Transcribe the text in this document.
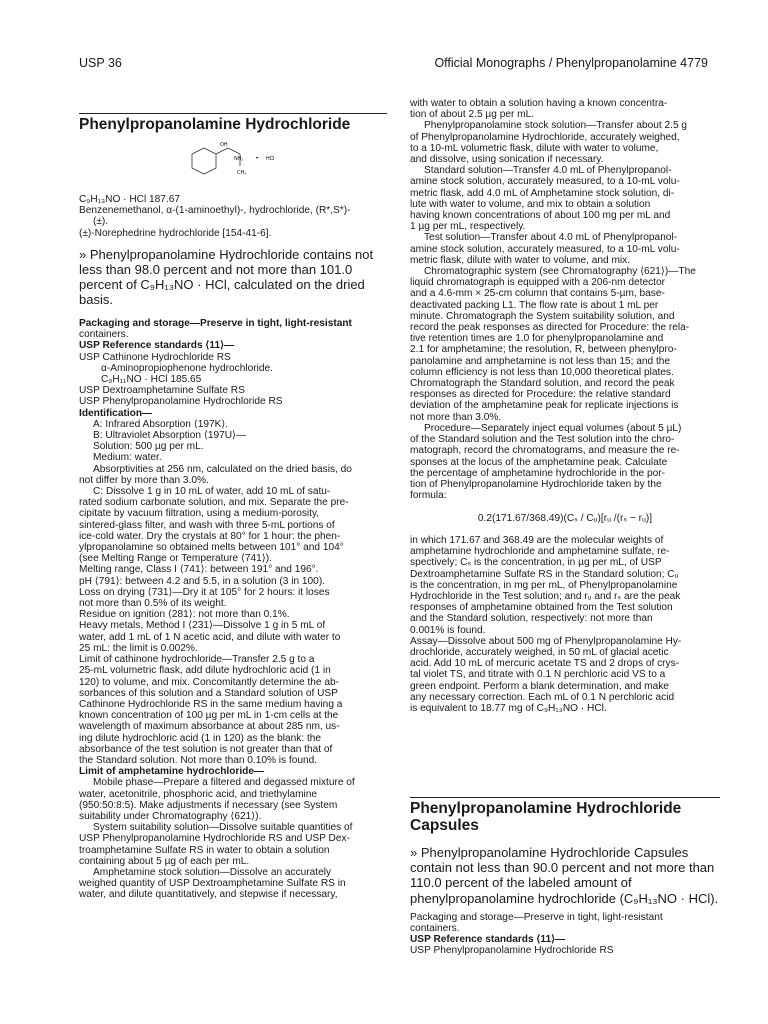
USP 36	Official Monographs / Phenylpropanolamine 4779
Phenylpropanolamine Hydrochloride
OH
NH₂ • HCl
CH₃
C₉H₁₃NO · HCl 187.67
Benzenemethanol, α-(1-aminoethyl)-, hydrochloride, (R*,S*)-
(±).
(±)-Norephedrine hydrochloride [154-41-6].
» Phenylpropanolamine Hydrochloride contains not less than 98.0 percent and not more than 101.0 percent of C₉H₁₃NO · HCl, calculated on the dried basis.
Packaging and storage—Preserve in tight, light-resistant
containers.
USP Reference standards ⟨11⟩—
USP Cathinone Hydrochloride RS
α-Aminopropiophenone hydrochloride.
C₉H₁₁NO · HCl 185.65
USP Dextroamphetamine Sulfate RS
USP Phenylpropanolamine Hydrochloride RS
Identification—
A: Infrared Absorption ⟨197K⟩.
B: Ultraviolet Absorption ⟨197U⟩—
Solution: 500 µg per mL.
Medium: water.
Absorptivities at 256 nm, calculated on the dried basis, do
not differ by more than 3.0%.
C: Dissolve 1 g in 10 mL of water, add 10 mL of satu-
rated sodium carbonate solution, and mix. Separate the pre-
cipitate by vacuum filtration, using a medium-porosity,
sintered-glass filter, and wash with three 5-mL portions of
ice-cold water. Dry the crystals at 80° for 1 hour: the phen-
ylpropanolamine so obtained melts between 101° and 104°
(see Melting Range or Temperature ⟨741⟩).
Melting range, Class I ⟨741⟩: between 191° and 196°.
pH ⟨791⟩: between 4.2 and 5.5, in a solution (3 in 100).
Loss on drying ⟨731⟩—Dry it at 105° for 2 hours: it loses
not more than 0.5% of its weight.
Residue on ignition ⟨281⟩: not more than 0.1%.
Heavy metals, Method I ⟨231⟩—Dissolve 1 g in 5 mL of
water, add 1 mL of 1 N acetic acid, and dilute with water to
25 mL: the limit is 0.002%.
Limit of cathinone hydrochloride—Transfer 2.5 g to a
25-mL volumetric flask, add dilute hydrochloric acid (1 in
120) to volume, and mix. Concomitantly determine the ab-
sorbances of this solution and a Standard solution of USP
Cathinone Hydrochloride RS in the same medium having a
known concentration of 100 µg per mL in 1-cm cells at the
wavelength of maximum absorbance at about 285 nm, us-
ing dilute hydrochloric acid (1 in 120) as the blank: the
absorbance of the test solution is not greater than that of
the Standard solution. Not more than 0.10% is found.
Limit of amphetamine hydrochloride—
Mobile phase—Prepare a filtered and degassed mixture of
water, acetonitrile, phosphoric acid, and triethylamine
(950:50:8:5). Make adjustments if necessary (see System
suitability under Chromatography ⟨621⟩).
System suitability solution—Dissolve suitable quantities of
USP Phenylpropanolamine Hydrochloride RS and USP Dex-
troamphetamine Sulfate RS in water to obtain a solution
containing about 5 µg of each per mL.
Amphetamine stock solution—Dissolve an accurately
weighed quantity of USP Dextroamphetamine Sulfate RS in
water, and dilute quantitatively, and stepwise if necessary,
with water to obtain a solution having a known concentra-
tion of about 2.5 µg per mL.
Phenylpropanolamine stock solution—Transfer about 2.5 g
of Phenylpropanolamine Hydrochloride, accurately weighed,
to a 10-mL volumetric flask, dilute with water to volume,
and dissolve, using sonication if necessary.
Standard solution—Transfer 4.0 mL of Phenylpropanol-
amine stock solution, accurately measured, to a 10-mL volu-
metric flask, add 4.0 mL of Amphetamine stock solution, di-
lute with water to volume, and mix to obtain a solution
having known concentrations of about 100 mg per mL and
1 µg per mL, respectively.
Test solution—Transfer about 4.0 mL of Phenylpropanol-
amine stock solution, accurately measured, to a 10-mL volu-
metric flask, dilute with water to volume, and mix.
Chromatographic system (see Chromatography ⟨621⟩)—The
liquid chromatograph is equipped with a 206-nm detector
and a 4.6-mm × 25-cm column that contains 5-µm, base-
deactivated packing L1. The flow rate is about 1 mL per
minute. Chromatograph the System suitability solution, and
record the peak responses as directed for Procedure: the rela-
tive retention times are 1.0 for phenylpropanolamine and
2.1 for amphetamine; the resolution, R, between phenylpro-
panolamine and amphetamine is not less than 15; and the
column efficiency is not less than 10,000 theoretical plates.
Chromatograph the Standard solution, and record the peak
responses as directed for Procedure: the relative standard
deviation of the amphetamine peak for replicate injections is
not more than 3.0%.
Procedure—Separately inject equal volumes (about 5 µL)
of the Standard solution and the Test solution into the chro-
matograph, record the chromatograms, and measure the re-
sponses at the locus of the amphetamine peak. Calculate
the percentage of amphetamine hydrochloride in the por-
tion of Phenylpropanolamine Hydrochloride taken by the
formula:

0.2(171.67/368.49)(Cₛ / Cᵤ)[rᵤ /(rₛ − rᵤ)]

in which 171.67 and 368.49 are the molecular weights of
amphetamine hydrochloride and amphetamine sulfate, re-
spectively; Cₛ is the concentration, in µg per mL, of USP
Dextroamphetamine Sulfate RS in the Standard solution; Cᵤ
is the concentration, in mg per mL, of Phenylpropanolamine
Hydrochloride in the Test solution; and rᵤ and rₛ are the peak
responses of amphetamine obtained from the Test solution
and the Standard solution, respectively: not more than
0.001% is found.
Assay—Dissolve about 500 mg of Phenylpropanolamine Hy-
drochloride, accurately weighed, in 50 mL of glacial acetic
acid. Add 10 mL of mercuric acetate TS and 2 drops of crys-
tal violet TS, and titrate with 0.1 N perchloric acid VS to a
green endpoint. Perform a blank determination, and make
any necessary correction. Each mL of 0.1 N perchloric acid
is equivalent to 18.77 mg of C₉H₁₃NO · HCl.
Phenylpropanolamine Hydrochloride
Capsules
» Phenylpropanolamine Hydrochloride Capsules contain not less than 90.0 percent and not more than 110.0 percent of the labeled amount of phenylpropanolamine hydrochloride (C₉H₁₃NO · HCl).
Packaging and storage—Preserve in tight, light-resistant
containers.
USP Reference standards ⟨11⟩—
USP Phenylpropanolamine Hydrochloride RS
